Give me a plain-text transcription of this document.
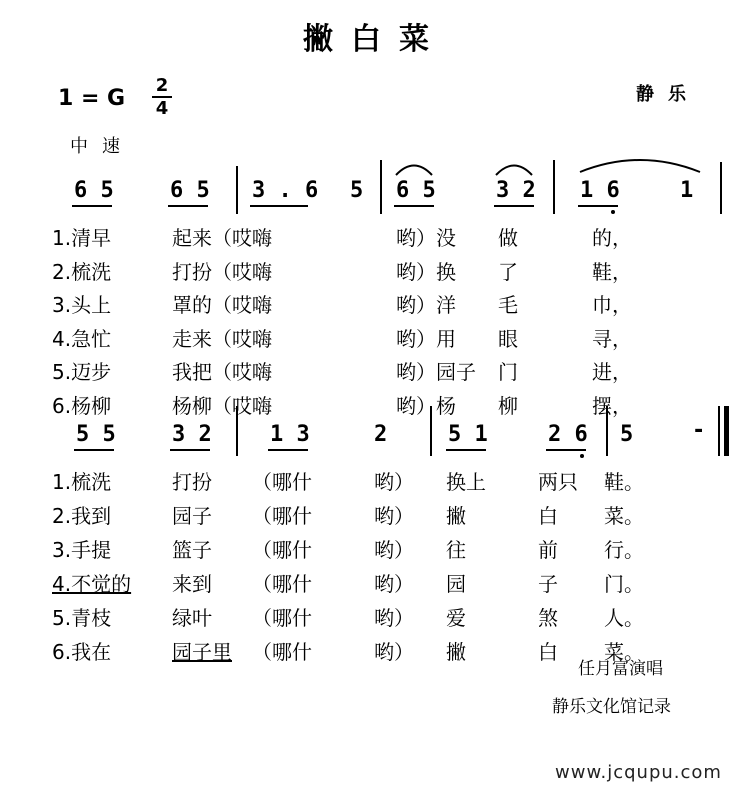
撇白菜
1 = G
2
4
静乐
中速
6 5	6 5 3 . 6 5 6 5	3 2 1 6	1
1.清早	起来（哎嗨	哟）没 做	的，
2.梳洗	打扮（哎嗨	哟）换 了	鞋，
3.头上	罩的（哎嗨	哟）洋 毛	巾，
4.急忙	走来（哎嗨	哟）用 眼	寻，
5.迈步	我把（哎嗨	哟）园子 门	进，
6.杨柳	杨柳（哎嗨	哟）杨 柳	摆，
5 5	3 2	1 3	2	5 1	2 6 5	-
1.梳洗	打扮 （哪什	哟） 换上	两只 鞋。
2.我到	园子 （哪什	哟） 撇	白 菜。
3.手提	篮子 （哪什	哟） 往	前 行。
4.不觉的 来到 （哪什	哟） 园	子 门。
5.青枝	绿叶 （哪什	哟） 爱	煞 人。
6.我在	园子里 （哪什	哟） 撇	白 菜。
任月富演唱
静乐文化馆记录
www.jcqupu.com
